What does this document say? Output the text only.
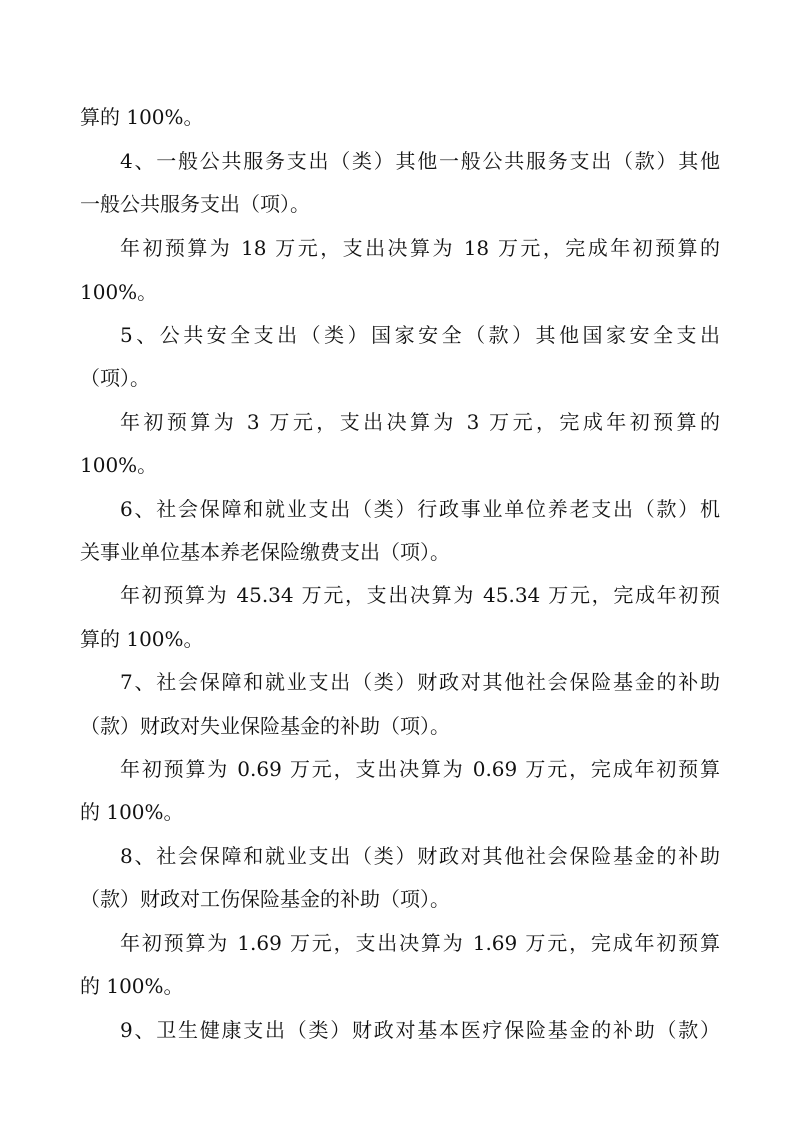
算的 100%。
4、一般公共服务支出（类）其他一般公共服务支出（款）其他
一般公共服务支出（项）。
年初预算为 18 万元，支出决算为 18 万元，完成年初预算的
100%。
5、公共安全支出（类）国家安全（款）其他国家安全支出
（项）。
年初预算为 3 万元，支出决算为 3 万元，完成年初预算的
100%。
6、社会保障和就业支出（类）行政事业单位养老支出（款）机
关事业单位基本养老保险缴费支出（项）。
年初预算为 45.34 万元，支出决算为 45.34 万元，完成年初预
算的 100%。
7、社会保障和就业支出（类）财政对其他社会保险基金的补助
（款）财政对失业保险基金的补助（项）。
年初预算为 0.69 万元，支出决算为 0.69 万元，完成年初预算
的 100%。
8、社会保障和就业支出（类）财政对其他社会保险基金的补助
（款）财政对工伤保险基金的补助（项）。
年初预算为 1.69 万元，支出决算为 1.69 万元，完成年初预算
的 100%。
9、卫生健康支出（类）财政对基本医疗保险基金的补助（款）
